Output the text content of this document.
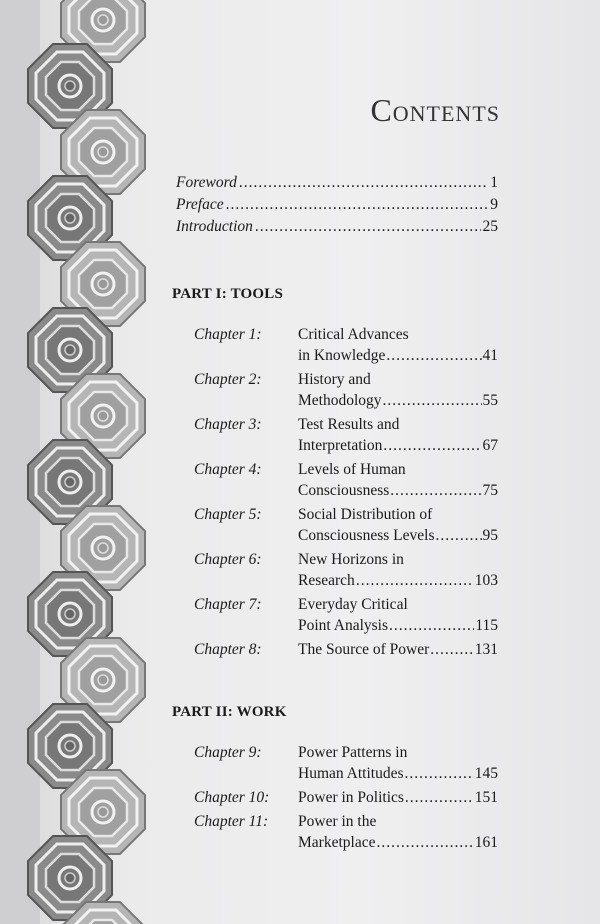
Contents
Foreword .....	1
Preface .....	9
Introduction .....	25
PART I: TOOLS
Chapter 1: Critical Advances
in Knowledge .....	41
Chapter 2: History and
Methodology .....	55
Chapter 3: Test Results and
Interpretation .....	67
Chapter 4: Levels of Human
Consciousness .....	75
Chapter 5: Social Distribution of
Consciousness Levels .....	95
Chapter 6: New Horizons in
Research .....	103
Chapter 7: Everyday Critical
Point Analysis .....	115
Chapter 8: The Source of Power .....	131
PART II: WORK
Chapter 9: Power Patterns in
Human Attitudes .....	145
Chapter 10: Power in Politics .....	151
Chapter 11: Power in the
Marketplace .....	161
